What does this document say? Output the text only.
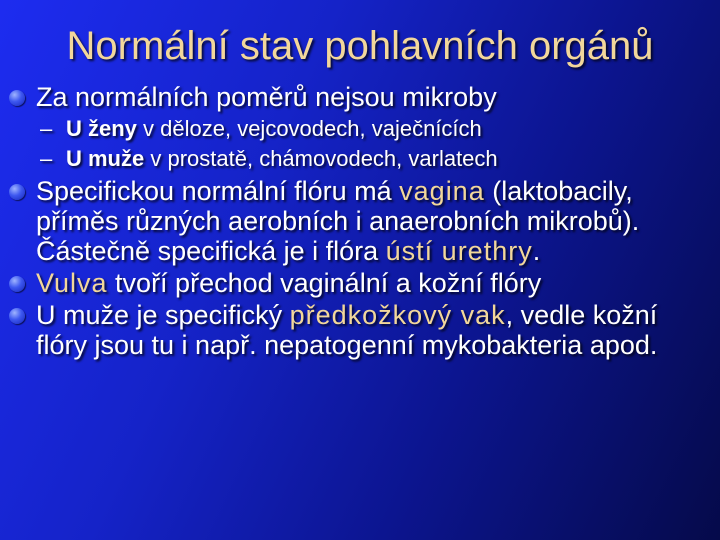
Normální stav pohlavních orgánů
Za normálních poměrů nejsou mikroby
– U ženy v děloze, vejcovodech, vaječnících
– U muže v prostatě, chámovodech, varlatech
Specifickou normální flóru má vagina (laktobacily, příměs různých aerobních i anaerobních mikrobů). Částečně specifická je i flóra ústí urethry.
Vulva tvoří přechod vaginální a kožní flóry
U muže je specifický předkožkový vak, vedle kožní flóry jsou tu i např. nepatogenní mykobakteria apod.
